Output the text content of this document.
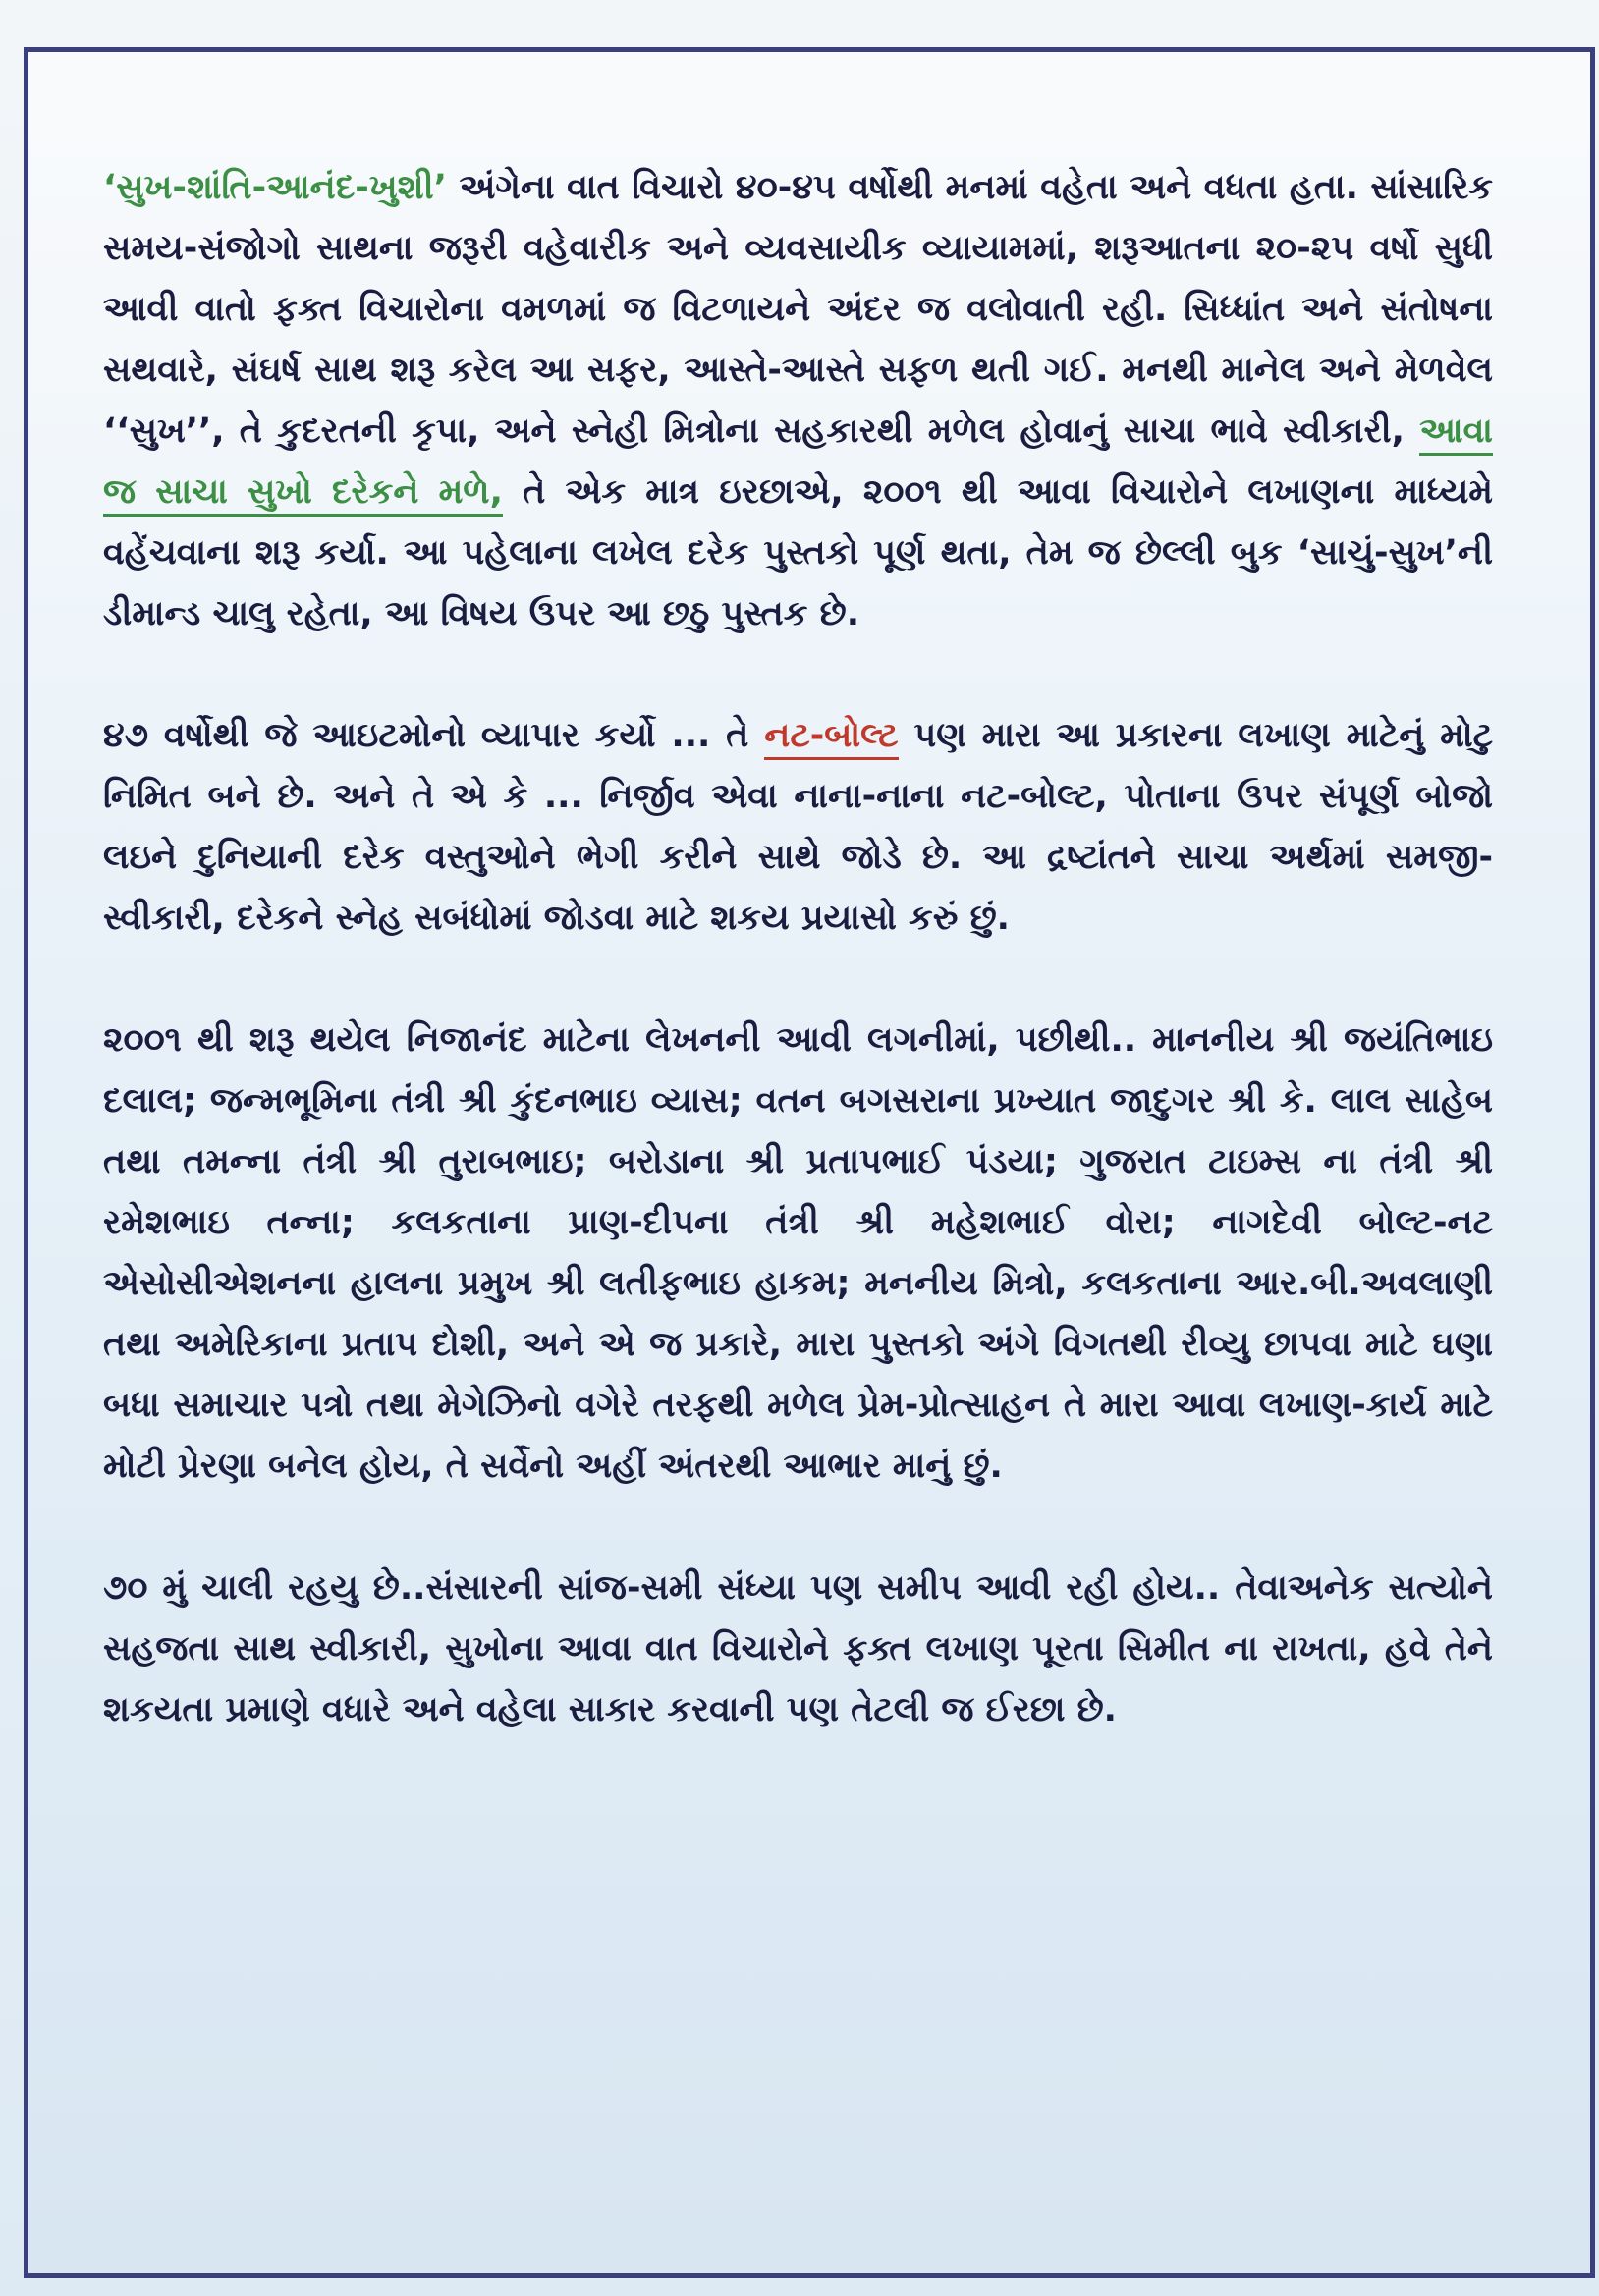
‘સુખ-શાંતિ-આનંદ-ખુશી’ અંગેના વાત વિચારો ૪૦-૪૫ વર્ષોથી મનમાં વહેતા અને વધતા હતા. સાંસારિક સમય-સંજોગો સાથના જરૂરી વહેવારીક અને વ્યવસાયીક વ્યાયામમાં, શરૂઆતના ૨૦-૨૫ વર્ષો સુધી આવી વાતો ફક્ત વિચારોના વમળમાં જ વિટળાયને અંદર જ વલોવાતી રહી. સિધ્ધાંત અને સંતોષના સથવારે, સંઘર્ષ સાથ શરૂ કરેલ આ સફર, આસ્તે-આસ્તે સફળ થતી ગઈ. મનથી માનેલ અને મેળવેલ ‘‘સુખ’’, તે કુદરતની કૃપા, અને સ્નેહી મિત્રોના સહકારથી મળેલ હોવાનું સાચા ભાવે સ્વીકારી, આવા જ સાચા સુખો દરેકને મળે, તે એક માત્ર ઇરછાએ, ૨૦૦૧ થી આવા વિચારોને લખાણના માધ્યમે વહેંચવાના શરૂ કર્યા. આ પહેલાના લખેલ દરેક પુસ્તકો પૂર્ણ થતા, તેમ જ છેલ્લી બુક ‘સાચું-સુખ’ની ડીમાન્ડ ચાલુ રહેતા, આ વિષય ઉપર આ છઠુ પુસ્તક છે.

૪૭ વર્ષોથી જે આઇટમોનો વ્યાપાર કર્યો ... તે નટ-બોલ્ટ પણ મારા આ પ્રકારના લખાણ માટેનું મોટુ નિમિત બને છે. અને તે એ કે ... નિર્જીવ એવા નાના-નાના નટ-બોલ્ટ, પોતાના ઉપર સંપૂર્ણ બોજો લઇને દુનિયાની દરેક વસ્તુઓને ભેગી કરીને સાથે જોડે છે. આ દ્રષ્ટાંતને સાચા અર્થમાં સમજી-સ્વીકારી, દરેકને સ્નેહ સબંધોમાં જોડવા માટે શકય પ્રયાસો કરું છું.

૨૦૦૧ થી શરૂ થયેલ નિજાનંદ માટેના લેખનની આવી લગનીમાં, પછીથી.. માનનીય શ્રી જયંતિભાઇ દલાલ; જન્મભૂમિના તંત્રી શ્રી કુંદનભાઇ વ્યાસ; વતન બગસરાના પ્રખ્યાત જાદુગર શ્રી કે. લાલ સાહેબ તથા તમન્ના તંત્રી શ્રી તુરાબભાઇ; બરોડાના શ્રી પ્રતાપભાઈ પંડયા; ગુજરાત ટાઇમ્સ ના તંત્રી શ્રી રમેશભાઇ તન્ના; કલકતાના પ્રાણ-દીપના તંત્રી શ્રી મહેશભાઈ વોરા; નાગદેવી બોલ્ટ-નટ એસોસીએશનના હાલના પ્રમુખ શ્રી લતીફભાઇ હાકમ; મનનીય મિત્રો, કલકતાના આર.બી.અવલાણી તથા અમેરિકાના પ્રતાપ દોશી, અને એ જ પ્રકારે, મારા પુસ્તકો અંગે વિગતથી રીવ્યુ છાપવા માટે ઘણા બધા સમાચાર પત્રો તથા મેગેઝિનો વગેરે તરફથી મળેલ પ્રેમ-પ્રોત્સાહન તે મારા આવા લખાણ-કાર્ય માટે મોટી પ્રેરણા બનેલ હોય, તે સર્વેનો અહીં અંતરથી આભાર માનું છું.

૭૦ મું ચાલી રહયુ છે..સંસારની સાંજ-સમી સંધ્યા પણ સમીપ આવી રહી હોય.. તેવાઅનેક સત્યોને સહજતા સાથ સ્વીકારી, સુખોના આવા વાત વિચારોને ફક્ત લખાણ પૂરતા સિમીત ના રાખતા, હવે તેને શકયતા પ્રમાણે વધારે અને વહેલા સાકાર કરવાની પણ તેટલી જ ઈરછા છે.
